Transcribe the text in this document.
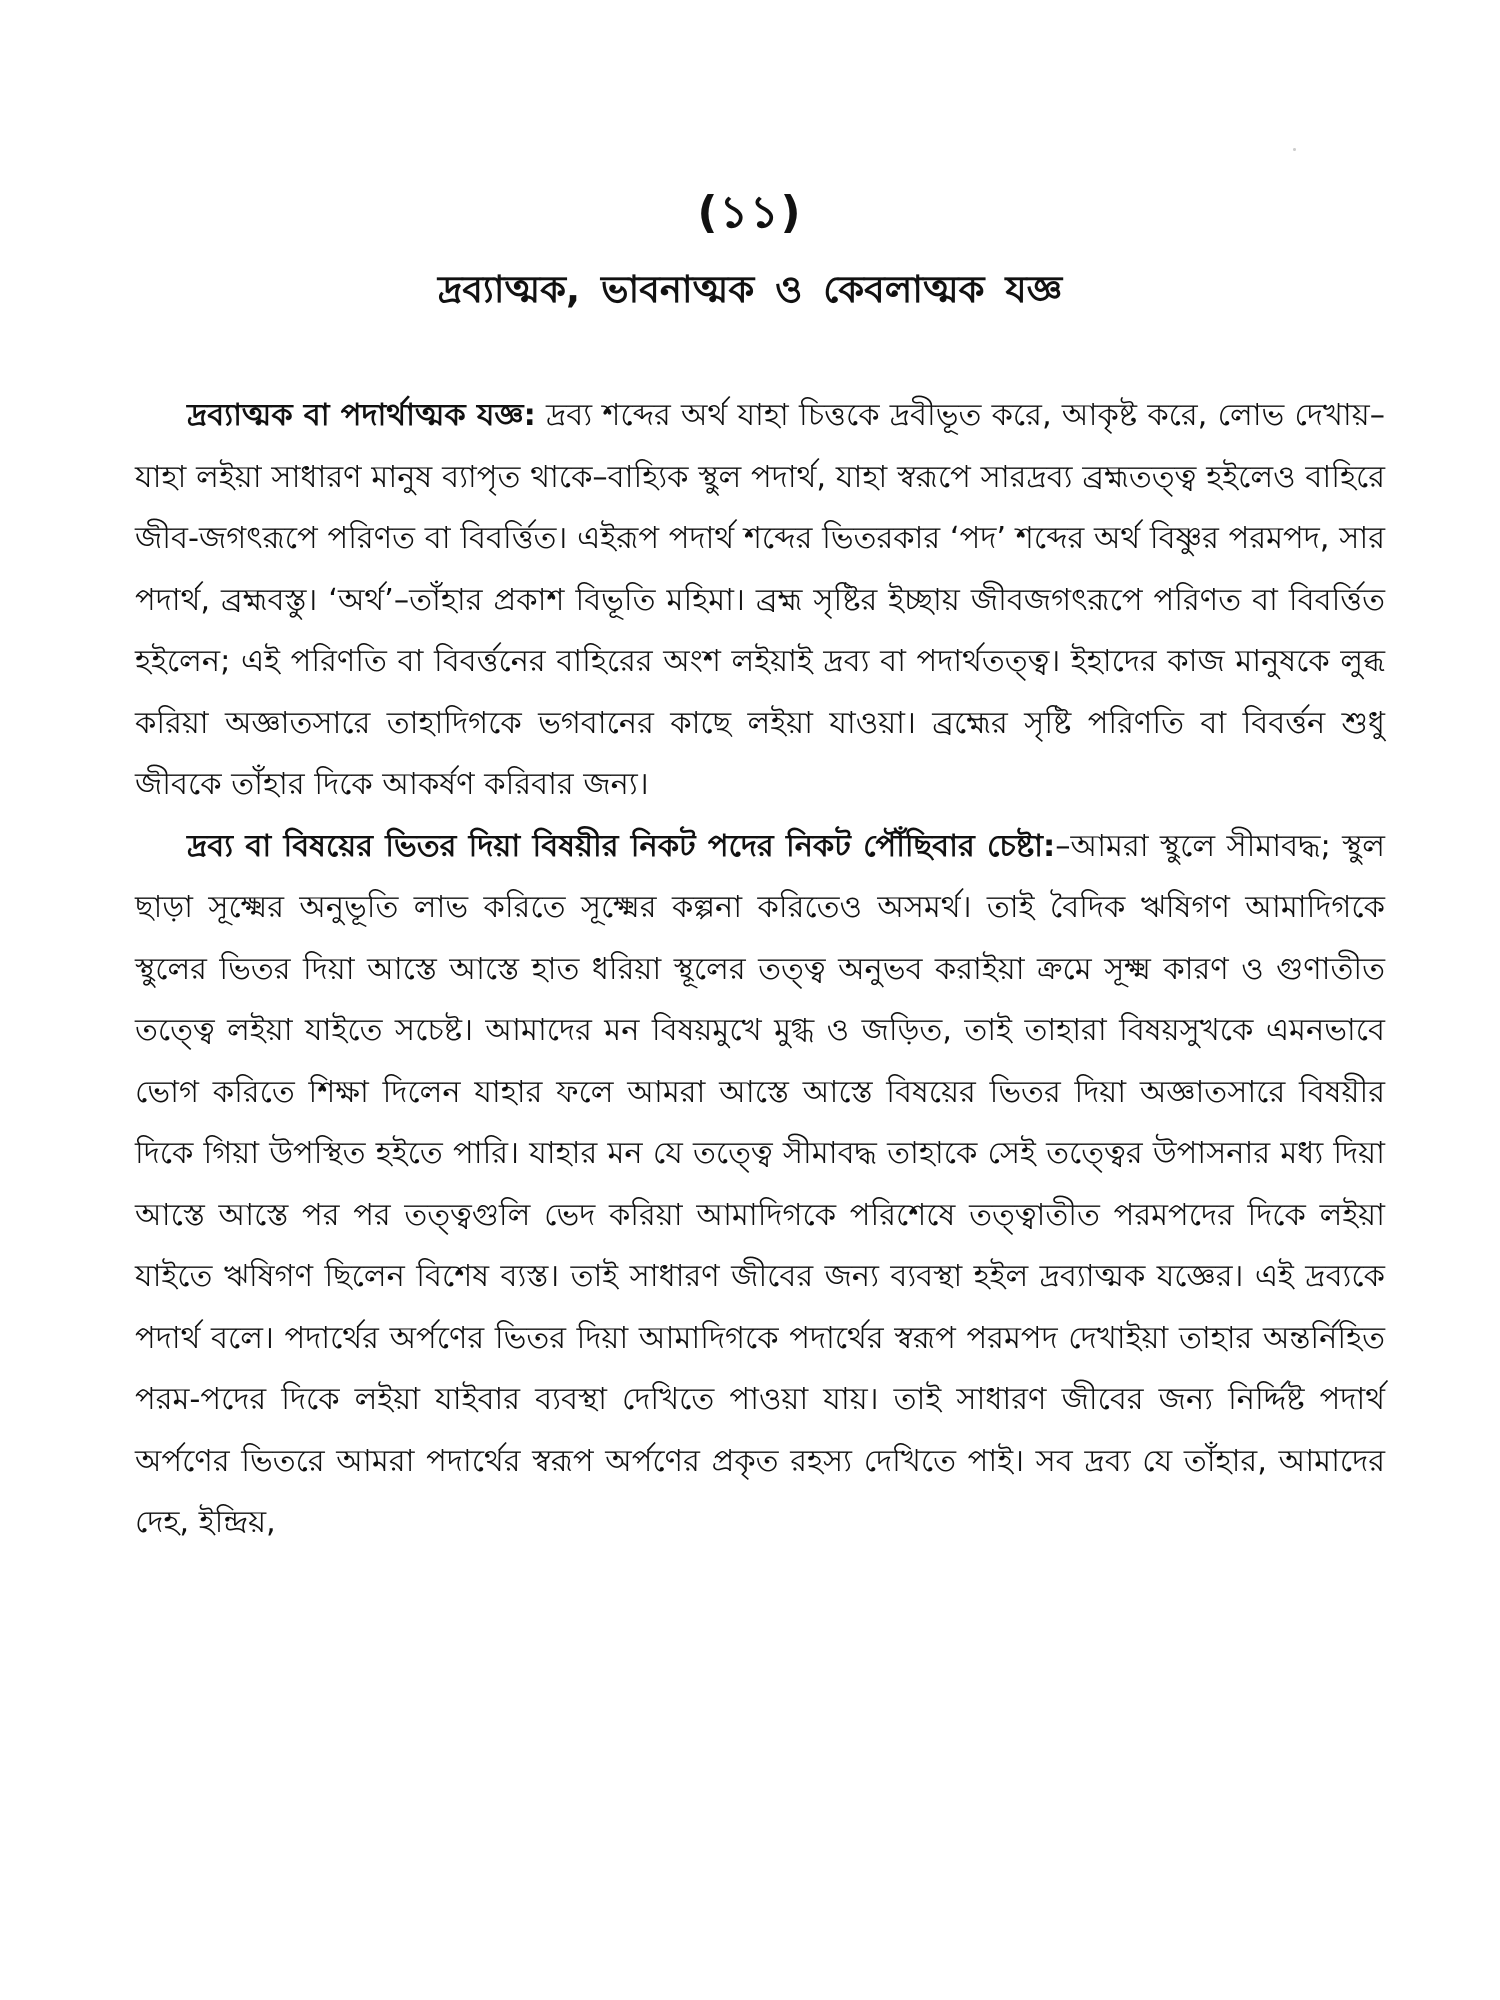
(১১)
দ্রব্যাত্মক, ভাবনাত্মক ও কেবলাত্মক যজ্ঞ

দ্রব্যাত্মক বা পদার্থাত্মক যজ্ঞ: দ্রব্য শব্দের অর্থ যাহা চিত্তকে দ্রবীভূত করে, আকৃষ্ট করে, লোভ দেখায়–যাহা লইয়া সাধারণ মানুষ ব্যাপৃত থাকে–বাহ্যিক স্থুল পদার্থ, যাহা স্বরূপে সারদ্রব্য ব্রহ্মতত্ত্ব হইলেও বাহিরে জীব-জগৎরূপে পরিণত বা বিবর্ত্তিত। এইরূপ পদার্থ শব্দের ভিতরকার ‘পদ’ শব্দের অর্থ বিষ্ণুর পরমপদ, সার পদার্থ, ব্রহ্মবস্তু। ‘অর্থ’–তাঁহার প্রকাশ বিভূতি মহিমা। ব্রহ্ম সৃষ্টির ইচ্ছায় জীবজগৎরূপে পরিণত বা বিবর্ত্তিত হইলেন; এই পরিণতি বা বিবর্ত্তনের বাহিরের অংশ লইয়াই দ্রব্য বা পদার্থতত্ত্ব। ইহাদের কাজ মানুষকে লুব্ধ করিয়া অজ্ঞাতসারে তাহাদিগকে ভগবানের কাছে লইয়া যাওয়া। ব্রহ্মের সৃষ্টি পরিণতি বা বিবর্ত্তন শুধু জীবকে তাঁহার দিকে আকর্ষণ করিবার জন্য।

দ্রব্য বা বিষয়ের ভিতর দিয়া বিষয়ীর নিকট পদের নিকট পৌঁছিবার চেষ্টা:–আমরা স্থুলে সীমাবদ্ধ; স্থুল ছাড়া সূক্ষ্মের অনুভূতি লাভ করিতে সূক্ষ্মের কল্পনা করিতেও অসমর্থ। তাই বৈদিক ঋষিগণ আমাদিগকে স্থুলের ভিতর দিয়া আস্তে আস্তে হাত ধরিয়া স্থূলের তত্ত্ব অনুভব করাইয়া ক্রমে সূক্ষ্ম কারণ ও গুণাতীত তত্ত্বে লইয়া যাইতে সচেষ্ট। আমাদের মন বিষয়মুখে মুগ্ধ ও জড়িত, তাই তাহারা বিষয়সুখকে এমনভাবে ভোগ করিতে শিক্ষা দিলেন যাহার ফলে আমরা আস্তে আস্তে বিষয়ের ভিতর দিয়া অজ্ঞাতসারে বিষয়ীর দিকে গিয়া উপস্থিত হইতে পারি। যাহার মন যে তত্ত্বে সীমাবদ্ধ তাহাকে সেই তত্ত্বের উপাসনার মধ্য দিয়া আস্তে আস্তে পর পর তত্ত্বগুলি ভেদ করিয়া আমাদিগকে পরিশেষে তত্ত্বাতীত পরমপদের দিকে লইয়া যাইতে ঋষিগণ ছিলেন বিশেষ ব্যস্ত। তাই সাধারণ জীবের জন্য ব্যবস্থা হইল দ্রব্যাত্মক যজ্ঞের। এই দ্রব্যকে পদার্থ বলে। পদার্থের অর্পণের ভিতর দিয়া আমাদিগকে পদার্থের স্বরূপ পরমপদ দেখাইয়া তাহার অন্তর্নিহিত পরম-পদের দিকে লইয়া যাইবার ব্যবস্থা দেখিতে পাওয়া যায়। তাই সাধারণ জীবের জন্য নির্দ্দিষ্ট পদার্থ অর্পণের ভিতরে আমরা পদার্থের স্বরূপ অর্পণের প্রকৃত রহস্য দেখিতে পাই। সব দ্রব্য যে তাঁহার, আমাদের দেহ, ইন্দ্রিয়,
